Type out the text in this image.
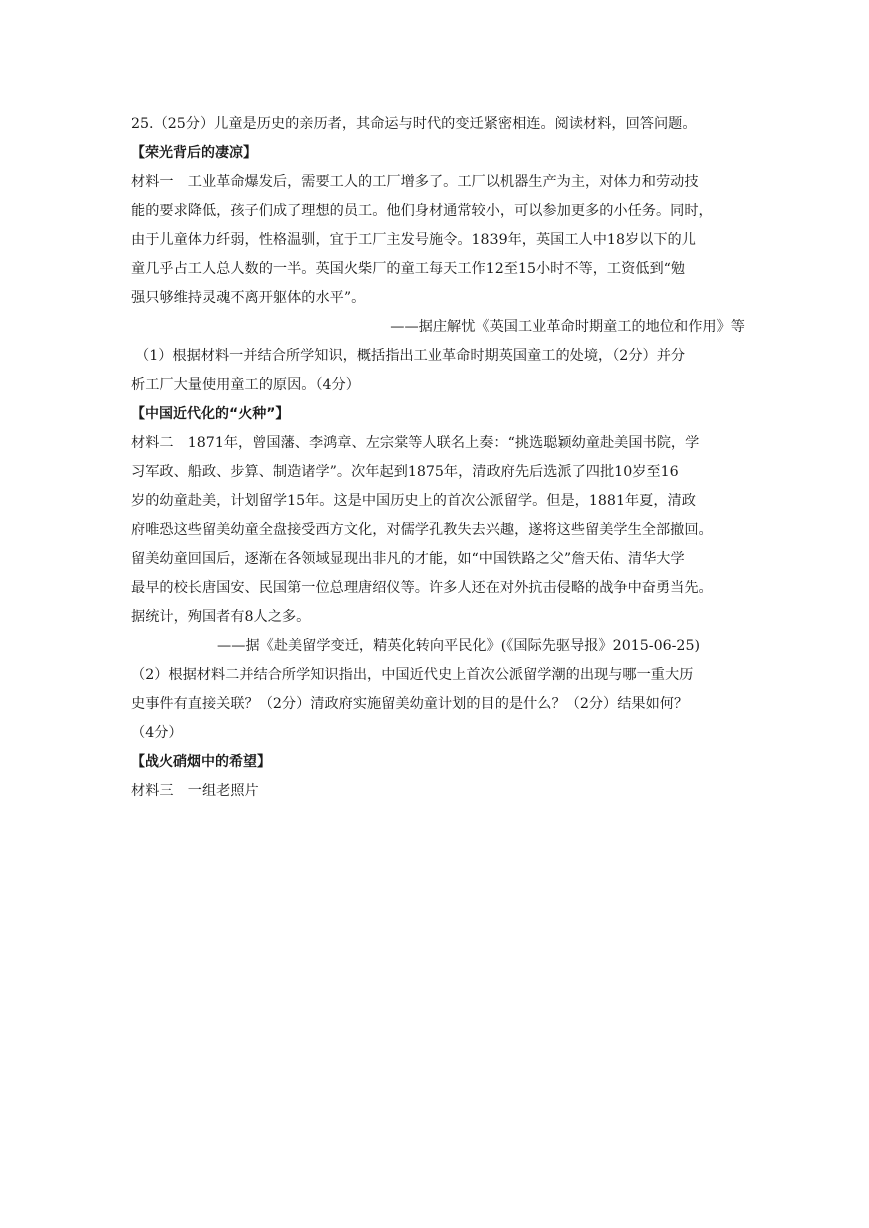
25.（25分）儿童是历史的亲历者，其命运与时代的变迁紧密相连。阅读材料，回答问题。

【荣光背后的凄凉】

材料一　工业革命爆发后，需要工人的工厂增多了。工厂以机器生产为主，对体力和劳动技

能的要求降低，孩子们成了理想的员工。他们身材通常较小，可以参加更多的小任务。同时，

由于儿童体力纤弱，性格温驯，宜于工厂主发号施令。1839年，英国工人中18岁以下的儿

童几乎占工人总人数的一半。英国火柴厂的童工每天工作12至15小时不等，工资低到“勉

强只够维持灵魂不离开躯体的水平”。

——据庄解忧《英国工业革命时期童工的地位和作用》等

（1）根据材料一并结合所学知识，概括指出工业革命时期英国童工的处境，（2分）并分

析工厂大量使用童工的原因。（4分）

【中国近代化的“火种”】

材料二　1871年，曾国藩、李鸿章、左宗棠等人联名上奏：“挑选聪颖幼童赴美国书院，学

习军政、船政、步算、制造诸学”。次年起到1875年，清政府先后选派了四批10岁至16

岁的幼童赴美，计划留学15年。这是中国历史上的首次公派留学。但是，1881年夏，清政

府唯恐这些留美幼童全盘接受西方文化，对儒学孔教失去兴趣，遂将这些留美学生全部撤回。

留美幼童回国后，逐渐在各领域显现出非凡的才能，如“中国铁路之父”詹天佑、清华大学

最早的校长唐国安、民国第一位总理唐绍仪等。许多人还在对外抗击侵略的战争中奋勇当先。

据统计，殉国者有8人之多。

——据《赴美留学变迁，精英化转向平民化》(《国际先驱导报》2015-06-25)

（2）根据材料二并结合所学知识指出，中国近代史上首次公派留学潮的出现与哪一重大历

史事件有直接关联？（2分）清政府实施留美幼童计划的目的是什么？（2分）结果如何？

（4分）

【战火硝烟中的希望】

材料三　一组老照片
